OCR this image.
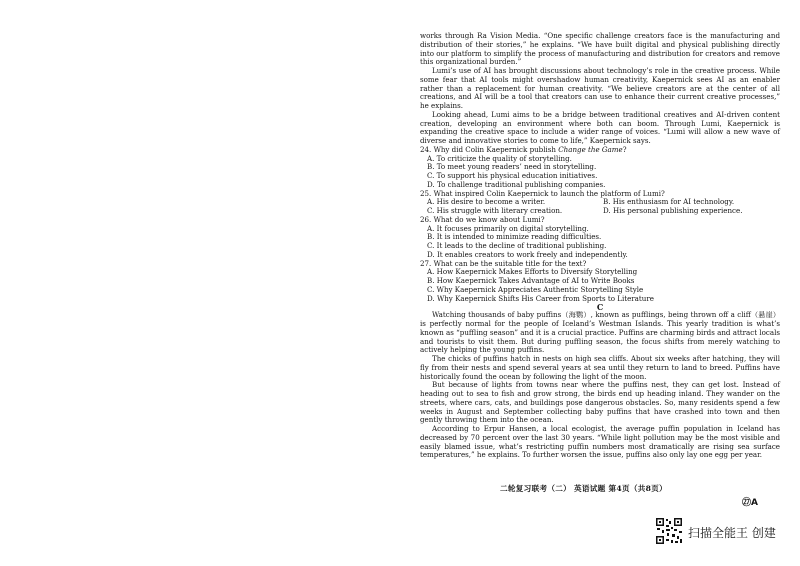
works through Ra Vision Media. “One specific challenge creators face is the manufacturing and distribution of their stories,” he explains. “We have built digital and physical publishing directly into our platform to simplify the process of manufacturing and distribution for creators and remove this organizational burden.”

Lumi’s use of AI has brought discussions about technology’s role in the creative process. While some fear that AI tools might overshadow human creativity, Kaepernick sees AI as an enabler rather than a replacement for human creativity. “We believe creators are at the center of all creations, and AI will be a tool that creators can use to enhance their current creative processes,” he explains.

Looking ahead, Lumi aims to be a bridge between traditional creatives and AI-driven content creation, developing an environment where both can boom. Through Lumi, Kaepernick is expanding the creative space to include a wider range of voices. “Lumi will allow a new wave of diverse and innovative stories to come to life,” Kaepernick says.

24. Why did Colin Kaepernick publish Change the Game?

A. To criticize the quality of storytelling.

B. To meet young readers’ need in storytelling.

C. To support his physical education initiatives.

D. To challenge traditional publishing companies.

25. What inspired Colin Kaepernick to launch the platform of Lumi?

A. His desire to become a writer.	B. His enthusiasm for AI technology.
C. His struggle with literary creation.	D. His personal publishing experience.

26. What do we know about Lumi?

A. It focuses primarily on digital storytelling.

B. It is intended to minimize reading difficulties.

C. It leads to the decline of traditional publishing.

D. It enables creators to work freely and independently.

27. What can be the suitable title for the text?

A. How Kaepernick Makes Efforts to Diversify Storytelling

B. How Kaepernick Takes Advantage of AI to Write Books

C. Why Kaepernick Appreciates Authentic Storytelling Style

D. Why Kaepernick Shifts His Career from Sports to Literature

C

Watching thousands of baby puffins（海鹦）, known as pufflings, being thrown off a cliff（悬崖）is perfectly normal for the people of Iceland’s Westman Islands. This yearly tradition is what’s known as “puffling season” and it is a crucial practice. Puffins are charming birds and attract locals and tourists to visit them. But during puffling season, the focus shifts from merely watching to actively helping the young puffins.

The chicks of puffins hatch in nests on high sea cliffs. About six weeks after hatching, they will fly from their nests and spend several years at sea until they return to land to breed. Puffins have historically found the ocean by following the light of the moon.

But because of lights from towns near where the puffins nest, they can get lost. Instead of heading out to sea to fish and grow strong, the birds end up heading inland. They wander on the streets, where cars, cats, and buildings pose dangerous obstacles. So, many residents spend a few weeks in August and September collecting baby puffins that have crashed into town and then gently throwing them into the ocean.

According to Erpur Hansen, a local ecologist, the average puffin population in Iceland has decreased by 70 percent over the last 30 years. “While light pollution may be the most visible and easily blamed issue, what’s restricting puffin numbers most dramatically are rising sea surface temperatures,” he explains. To further worsen the issue, puffins also only lay one egg per year.

二轮复习联考（二） 英语试题 第4页（共8页）
㉗A
扫描全能王 创建
